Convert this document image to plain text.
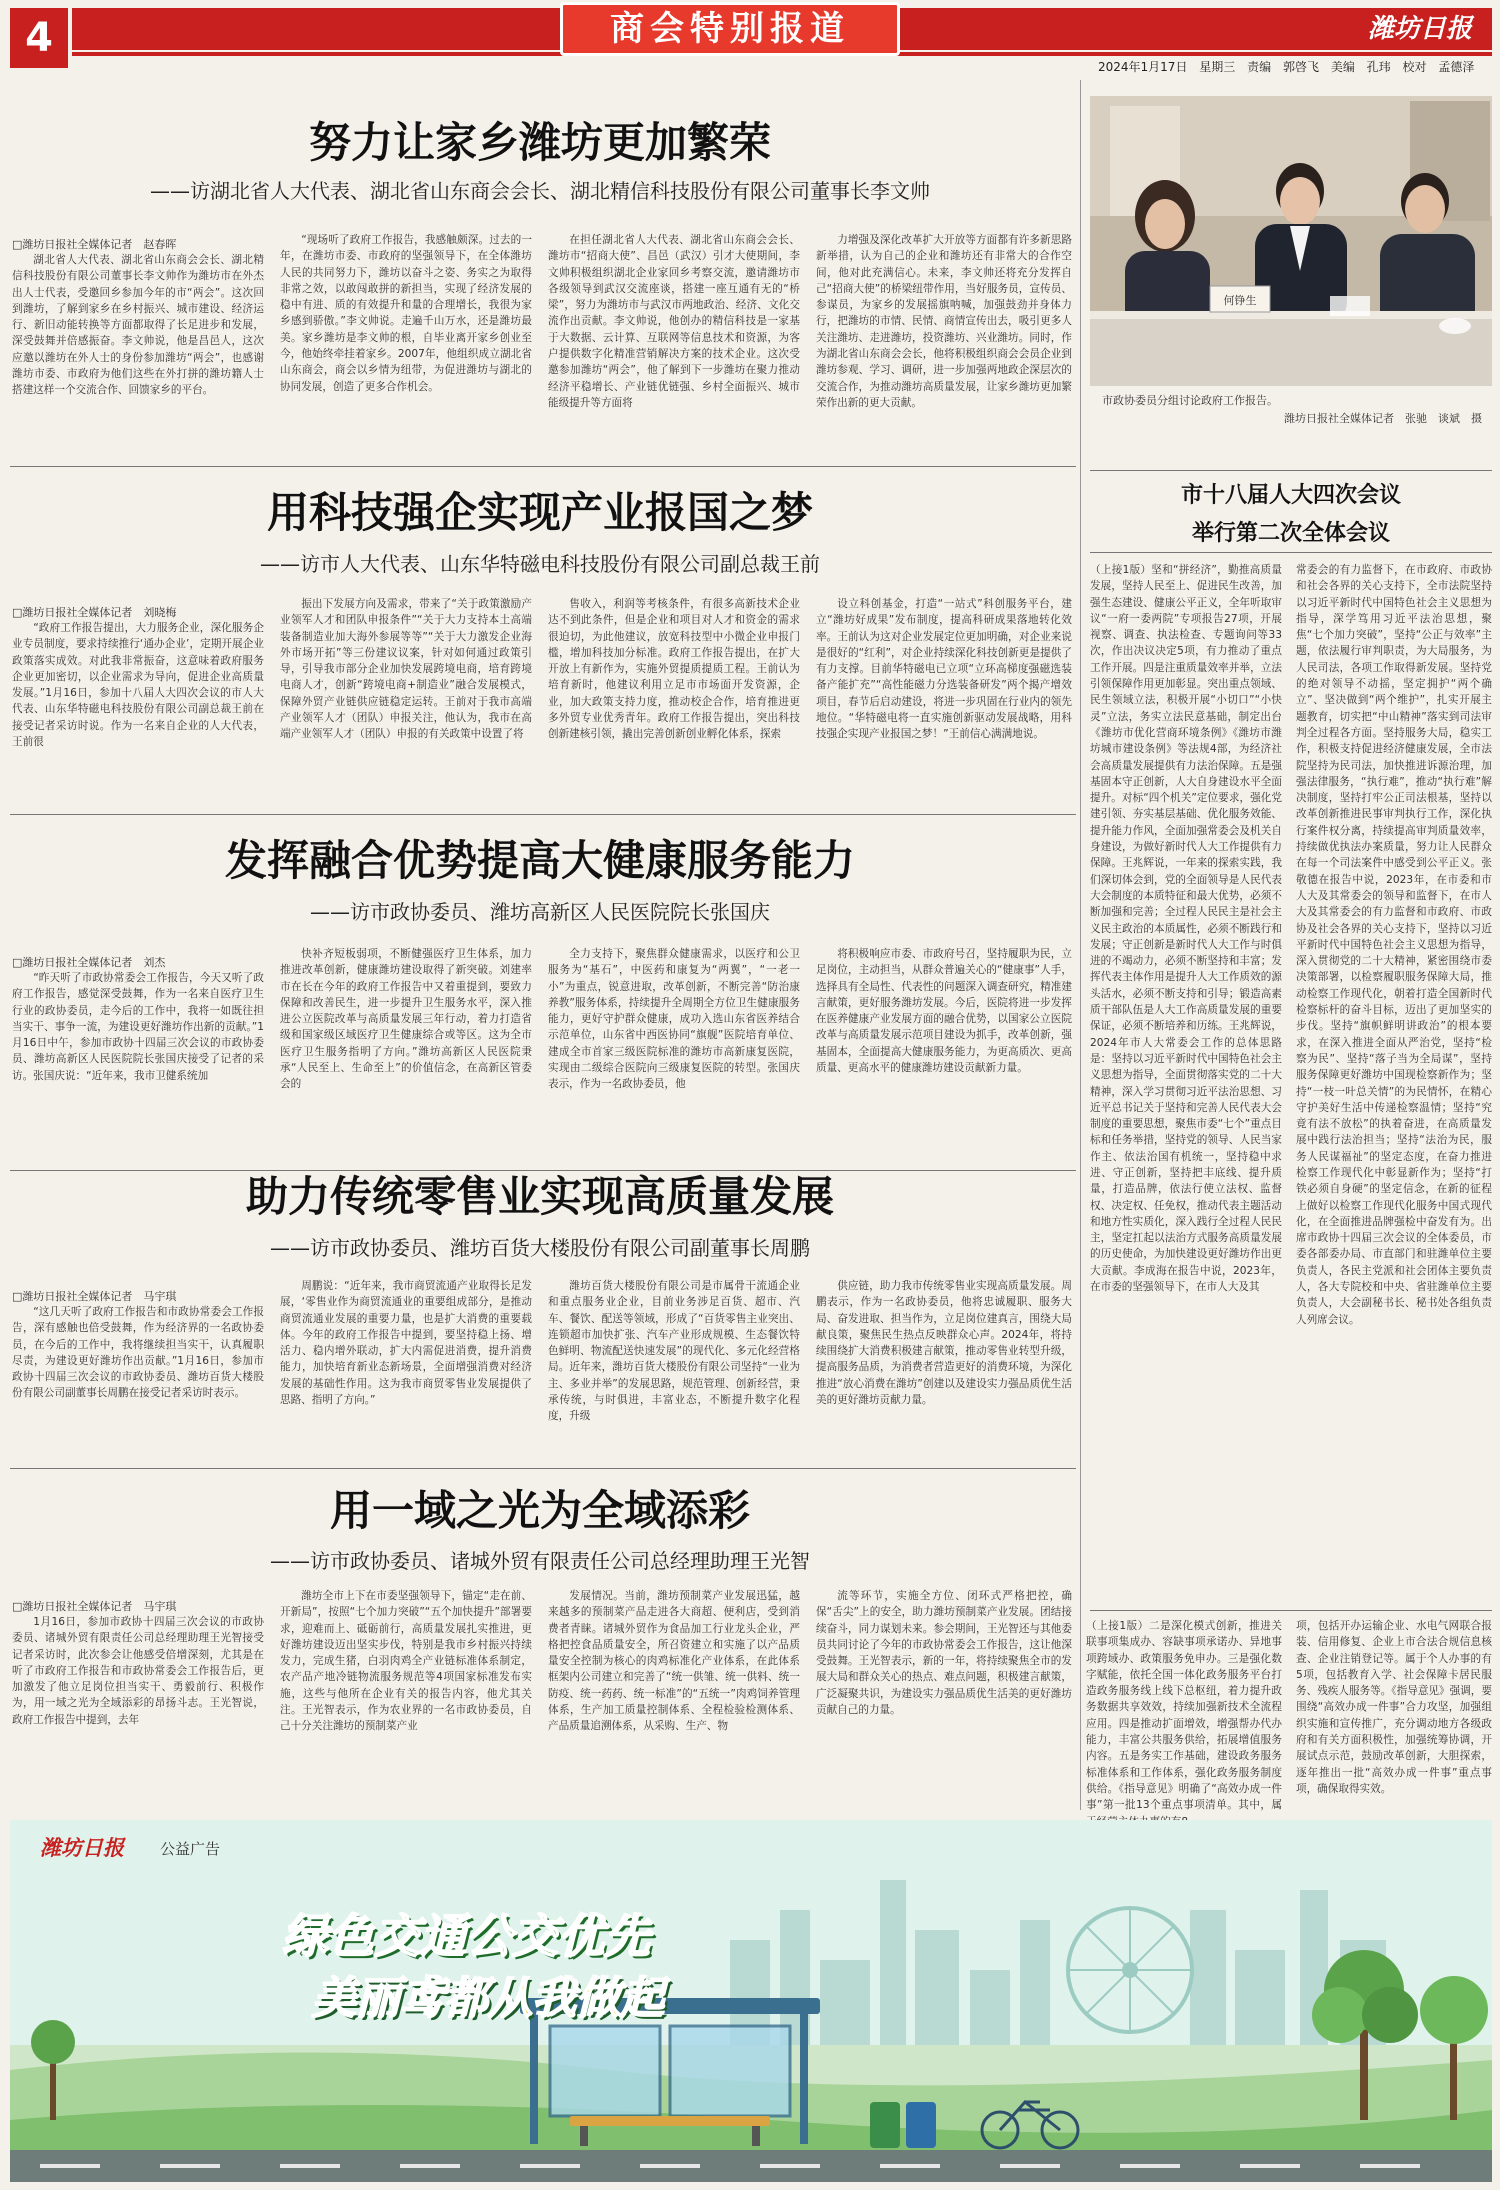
4	商会特别报道	潍坊日报
2024年1月17日 星期三 责编 郭啓飞 美编 孔玮 校对 孟德泽
努力让家乡潍坊更加繁荣
——访湖北省人大代表、湖北省山东商会会长、湖北精信科技股份有限公司董事长李文帅
□潍坊日报社全媒体记者　赵春晖
湖北省人大代表、湖北省山东商会会长、湖北精信科技股份有限公司董事长李文帅作为潍坊市在外杰出人士代表，受邀回乡参加今年的市“两会”。这次回到潍坊，了解到家乡在乡村振兴、城市建设、经济运行、新旧动能转换等方面都取得了长足进步和发展，深受鼓舞并倍感振奋。李文帅说，他是昌邑人，这次应邀以潍坊在外人士的身份参加潍坊“两会”，也感谢潍坊市委、市政府为他们这些在外打拼的潍坊籍人士搭建这样一个交流合作、回馈家乡的平台。
“现场听了政府工作报告，我感触颇深。过去的一年，在潍坊市委、市政府的坚强领导下，在全体潍坊人民的共同努力下，潍坊以奋斗之姿、务实之为取得非常之效，以敢闯敢拼的新担当，实现了经济发展的稳中有进、质的有效提升和量的合理增长，我很为家乡感到骄傲。”李文帅说。走遍千山万水，还是潍坊最美。家乡潍坊是李文帅的根，自毕业离开家乡创业至今，他始终牵挂着家乡。2007年，他组织成立湖北省山东商会，商会以乡情为纽带，为促进潍坊与湖北的协同发展，创造了更多合作机会。
在担任湖北省人大代表、湖北省山东商会会长、潍坊市“招商大使”、昌邑（武汉）引才大使期间，李文帅积极组织湖北企业家回乡考察交流，邀请潍坊市各级领导到武汉交流座谈，搭建一座互通有无的“桥梁”，努力为潍坊市与武汉市两地政治、经济、文化交流作出贡献。李文帅说，他创办的精信科技是一家基于大数据、云计算、互联网等信息技术和资源，为客户提供数字化精准营销解决方案的技术企业。这次受邀参加潍坊“两会”，他了解到下一步潍坊在聚力推动经济平稳增长、产业链优链强、乡村全面振兴、城市能级提升等方面将
力增强及深化改革扩大开放等方面都有许多新思路新举措，认为自己的企业和潍坊还有非常大的合作空间，他对此充满信心。未来，李文帅还将充分发挥自己“招商大使”的桥梁纽带作用，当好服务员，宣传员、参谋员，为家乡的发展摇旗呐喊，加强鼓劲并身体力行，把潍坊的市情、民情、商情宣传出去，吸引更多人关注潍坊、走进潍坊，投资潍坊、兴业潍坊。同时，作为湖北省山东商会会长，他将积极组织商会会员企业到潍坊参观、学习、调研，进一步加强两地政企深层次的交流合作，为推动潍坊高质量发展，让家乡潍坊更加繁荣作出新的更大贡献。
用科技强企实现产业报国之梦
——访市人大代表、山东华特磁电科技股份有限公司副总裁王前
□潍坊日报社全媒体记者　刘晓梅
“政府工作报告提出，大力服务企业，深化服务企业专员制度，要求持续推行‘通办企业’，定期开展企业政策落实成效。对此我非常振奋，这意味着政府服务企业更加密切，以企业需求为导向，促进企业高质量发展。”1月16日，参加十八届人大四次会议的市人大代表、山东华特磁电科技股份有限公司副总裁王前在接受记者采访时说。作为一名来自企业的人大代表，王前很
振出下发展方向及需求，带来了“关于政策激励产业领军人才和团队申报条件”“关于大力支持本土高端装备制造业加大海外参展等等”“关于大力激发企业海外市场开拓”等三份建议议案，针对如何通过政策引导，引导我市部分企业加快发展跨境电商，培育跨境电商人才，创新“跨境电商+制造业”融合发展模式，保障外贸产业链供应链稳定运转。王前对于我市高端产业领军人才（团队）申报关注，他认为，我市在高端产业领军人才（团队）申报的有关政策中设置了将
售收入，利润等考核条件，有很多高新技术企业达不到此条件，但是企业和项目对人才和资金的需求很迫切，为此他建议，放宽科技型中小微企业申报门槛，增加科技加分标准。政府工作报告提出，在扩大开放上有新作为，实施外贸提质提质工程。王前认为培育新时，他建议利用立足市市场面开发资源，企业，加大政策支持力度，推动校企合作，培育推进更多外贸专业优秀青年。政府工作报告提出，突出科技创新建核引领，撬出完善创新创业孵化体系，探索
设立科创基金，打造“一站式”科创服务平台，建立“潍坊好成果”发布制度，提高科研成果落地转化效率。王前认为这对企业发展定位更加明确，对企业来说是很好的“红利”，对企业持续深化科技创新更是提供了有力支撑。目前华特磁电已立项“立环高梯度强磁选装备产能扩充”“高性能磁力分选装备研发”两个揭产增效项目，春节后启动建设，将进一步巩固在行业内的领先地位。“华特磁电将一直实施创新驱动发展战略，用科技强企实现产业报国之梦！”王前信心满满地说。
发挥融合优势提高大健康服务能力
——访市政协委员、潍坊高新区人民医院院长张国庆
□潍坊日报社全媒体记者　刘杰
“昨天听了市政协常委会工作报告，今天又听了政府工作报告，感觉深受鼓舞，作为一名来自医疗卫生行业的政协委员，走今后的工作中，我将一如既往担当实干、事争一流，为建设更好潍坊作出新的贡献。”1月16日中午，参加市政协十四届三次会议的市政协委员、潍坊高新区人民医院院长张国庆接受了记者的采访。张国庆说：“近年来，我市卫健系统加
快补齐短板弱项，不断健强医疗卫生体系，加力推进改革创新，健康潍坊建设取得了新突破。刘建率市在长在今年的政府工作报告中又着重提到，要致力保障和改善民生，进一步提升卫生服务水平，深入推进公立医院改革与高质量发展三年行动，着力打造省级和国家级区域医疗卫生健康综合或等区。这为全市医疗卫生服务指明了方向。”潍坊高新区人民医院秉承“人民至上、生命至上”的价值信念，在高新区管委会的
全力支持下，聚焦群众健康需求，以医疗和公卫服务为“基石”，中医药和康复为“两翼”，“一老一小”为重点，锐意进取，改革创新，不断完善“防治康养教”服务体系，持续提升全周期全方位卫生健康服务能力，更好守护群众健康，成功入选山东省医养结合示范单位，山东省中西医协同“旗舰”医院培育单位、建成全市首家三级医院标准的潍坊市高新康复医院，实现由二级综合医院向三级康复医院的转型。张国庆表示，作为一名政协委员，他
将积极响应市委、市政府号召，坚持履职为民，立足岗位，主动担当，从群众普遍关心的“健康事”人手，选择具有全局性、代表性的问题深入调查研究，精准建言献策，更好服务潍坊发展。今后，医院将进一步发挥在医养健康产业发展方面的融合优势，以国家公立医院改革与高质量发展示范项目建设为抓手，改革创新，强基固本，全面提高大健康服务能力，为更高质次、更高质量、更高水平的健康潍坊建设贡献新力量。
助力传统零售业实现高质量发展
——访市政协委员、潍坊百货大楼股份有限公司副董事长周鹏
□潍坊日报社全媒体记者　马宇琪
“这几天听了政府工作报告和市政协常委会工作报告，深有感触也倍受鼓舞，作为经济界的一名政协委员，在今后的工作中，我将继续担当实干，认真履职尽责，为建设更好潍坊作出贡献。”1月16日，参加市政协十四届三次会议的市政协委员、潍坊百货大楼股份有限公司副董事长周鹏在接受记者采访时表示。
周鹏说：“近年来，我市商贸流通产业取得长足发展，‘零售业作为商贸流通业的重要组成部分，是推动商贸流通业发展的重要力量，也是扩大消费的重要载体。今年的政府工作报告中提到，要坚持稳上扬、增活力、稳内增外联动，扩大内需促进消费，提升消费能力，加快培育新业态新场景，全面增强消费对经济发展的基础性作用。这为我市商贸零售业发展提供了思路、指明了方向。”
潍坊百货大楼股份有限公司是市属骨干流通企业和重点服务业企业，目前业务涉足百货、超市、汽车、餐饮、配送等领域，形成了“百货零售主业突出、连锁超市加快扩张、汽车产业形成规模、生态餐饮特色鲜明、物流配送快速发展”的现代化、多元化经营格局。近年来，潍坊百货大楼股份有限公司坚持“一业为主、多业并举”的发展思路，规范管理、创新经营，秉承传统，与时俱进，丰富业态，不断提升数字化程度，升级
供应链，助力我市传统零售业实现高质量发展。周鹏表示，作为一名政协委员，他将忠诚履职、服务大局、奋发进取、担当作为，立足岗位建真言，围绕大局献良策，聚焦民生热点反映群众心声。2024年，将持续围绕扩大消费积极建言献策，推动零售业转型升级，提高服务品质，为消费者营造更好的消费环境，为深化推进“放心消费在潍坊”创建以及建设实力强品质优生活美的更好潍坊贡献力量。
用一域之光为全域添彩
——访市政协委员、诸城外贸有限责任公司总经理助理王光智
□潍坊日报社全媒体记者　马宇琪
1月16日，参加市政协十四届三次会议的市政协委员、诸城外贸有限责任公司总经理助理王光智接受记者采访时，此次参会让他感受倍增深刻，尤其是在听了市政府工作报告和市政协常委会工作报告后，更加激发了他立足岗位担当实干、勇毅前行、积极作为，用一域之光为全域添彩的昂扬斗志。王光智说，政府工作报告中提到，去年
潍坊全市上下在市委坚强领导下，锚定“走在前、开新局”，按照“七个加力突破”“五个加快提升”部署要求，迎难而上、砥砺前行，高质量发展扎实推进，更好潍坊建设迈出坚实步伐，特别是我市乡村振兴持续发力，完成生猪，白羽肉鸡全产业链标准体系制定，农产品产地冷链物流服务规范等4项国家标准发布实施，这些与他所在企业有关的报告内容，他尤其关注。王光智表示，作为农业界的一名市政协委员，自己十分关注潍坊的预制菜产业
发展情况。当前，潍坊预制菜产业发展迅猛，越来越多的预制菜产品走进各大商超、便利店，受到消费者青睐。诸城外贸作为食品加工行业龙头企业，严格把控食品质量安全，所召资建立和实施了以产品质量安全控制为核心的肉鸡标准化产业体系，在此体系框架内公司建立和完善了“统一供雏、统一供料、统一防疫、统一药药、统一标准”的“五统一”肉鸡饲养管理体系，生产加工质量控制体系、全程检验检测体系、产品质量追溯体系，从采购、生产、物
流等环节，实施全方位、闭环式严格把控，确保“舌尖”上的安全，助力潍坊预制菜产业发展。团结接续奋斗，同力谋划未来。参会期间，王光智还与其他委员共同讨论了今年的市政协常委会工作报告，这让他深受鼓舞。王光智表示，新的一年，将持续聚焦全市的发展大局和群众关心的热点、难点问题，积极建言献策，广泛凝聚共识，为建设实力强品质优生活美的更好潍坊贡献自己的力量。
何铮生
市政协委员分组讨论政府工作报告。
潍坊日报社全媒体记者　张驰　谈斌　摄
市十八届人大四次会议
举行第二次全体会议
（上接1版）坚和“拼经济”，勤推高质量发展，坚持人民至上、促进民生改善，加强生态建设、健康公平正义，全年听取审议“一府一委两院”专项报告27项，开展视察、调查、执法检查、专题询问等33次，作出决议决定5项，有力推动了重点工作开展。四是注重质量效率并举，立法引领保障作用更加彰显。突出重点领域、民生领域立法，积极开展“小切口”“小快灵”立法，务实立法民意基础，制定出台《潍坊市优化营商环境条例》《潍坊市潍坊城市建设条例》等法规4部，为经济社会高质量发展提供有力法治保障。五是强基固本守正创新，人大自身建设水平全面提升。对标“四个机关”定位要求，强化党建引领、夯实基层基础、优化服务效能、提升能力作风，全面加强常委会及机关自身建设，为做好新时代人大工作提供有力保障。王兆辉说，一年来的探索实践，我们深切体会到，党的全面领导是人民代表大会制度的本质特征和最大优势，必须不断加强和完善；全过程人民民主是社会主义民主政治的本质属性，必须不断践行和发展；守正创新是新时代人大工作与时俱进的不竭动力，必须不断坚持和丰富；发挥代表主体作用是提升人大工作质效的源头活水，必须不断支持和引导；锻造高素质干部队伍是人大工作高质量发展的重要保证，必须不断培养和历练。王兆辉说，2024年市人大常委会工作的总体思路是：坚持以习近平新时代中国特色社会主义思想为指导，全面贯彻落实党的二十大精神，深入学习贯彻习近平法治思想、习近平总书记关于坚持和完善人民代表大会制度的重要思想，聚焦市委“七个”重点目标和任务举措，坚持党的领导、人民当家作主、依法治国有机统一，坚持稳中求进、守正创新，坚持把丰底线、提升质量，打造品牌，依法行使立法权、监督权、决定权、任免权，推动代表主题活动和地方性实质化，深入践行全过程人民民主，坚定扛起以法治方式服务高质量发展的历史使命，为加快建设更好潍坊作出更大贡献。李成海在报告中说，2023年，在市委的坚强领导下，在市人大及其
常委会的有力监督下，在市政府、市政协和社会各界的关心支持下，全市法院坚持以习近平新时代中国特色社会主义思想为指导，深学笃用习近平法治思想，聚焦“七个加力突破”，坚持“公正与效率”主题，依法履行审判职责，为大局服务，为人民司法，各项工作取得新发展。坚持党的绝对领导不动摇，坚定拥护“两个确立”、坚决做到“两个维护”，扎实开展主题教育，切实把“中山精神”落实到司法审判全过程各方面。坚持服务大局，稳实工作，积极支持促进经济健康发展，全市法院坚持为民司法，加快推进诉源治理，加强法律服务，“执行难”，推动“执行难”解决制度，坚持打牢公正司法根基，坚持以改革创新推进民事审判执行工作，深化执行案件权分离，持续提高审判质量效率，持续做优执法办案质量，努力让人民群众在每一个司法案件中感受到公平正义。张敬德在报告中说，2023年，在市委和市人大及其常委会的领导和监督下，在市人大及其常委会的有力监督和市政府、市政协及社会各界的关心支持下，坚持以习近平新时代中国特色社会主义思想为指导，深入贯彻党的二十大精神，紧密围绕市委决策部署，以检察履职服务保障大局，推动检察工作现代化，朝着打造全国新时代检察标杆的奋斗目标，迈出了更加坚实的步伐。坚持“旗帜鲜明讲政治”的根本要求，在深入推进全面从严治党，坚持“检察为民”、坚持“落子当为全局谋”，坚持服务保障更好潍坊中国现检察新作为；坚持“一枝一叶总关情”的为民情怀，在精心守护美好生活中传递检察温情；坚持“究竟有法不放松”的执着奋进，在高质量发展中践行法治担当；坚持“法治为民，服务人民谋福祉”的坚定态度，在奋力推进检察工作现代化中彰显新作为；坚持“打铁必须自身硬”的坚定信念，在新的征程上做好以检察工作现代化服务中国式现代化，在全面推进品牌强检中奋发有为。出席市政协十四届三次会议的全体委员，市委各部委办局、市直部门和驻潍单位主要负责人，各民主党派和社会团体主要负责人，各大专院校和中央、省驻潍单位主要负责人，大会副秘书长、秘书处各组负责人列席会议。
（上接1版）二是深化模式创新，推进关联事项集成办、容缺事项承诺办、异地事项跨域办、政策服务免申办。三是强化数字赋能，依托全国一体化政务服务平台打造政务服务线上线下总枢纽，着力提升政务数据共享效效，持续加强新技术全流程应用。四是推动扩面增效，增强帮办代办能力，丰富公共服务供给，拓展增值服务内容。五是务实工作基础，建设政务服务标准体系和工作体系，强化政务服务制度供给。《指导意见》明确了“高效办成一件事”第一批13个重点事项清单。其中，属
项，包括开办运输企业、水电气网联合报装、信用修复、企业上市合法合规信息核查、企业注销登记等。属于个人办事的有5项，包括教育入学、社会保障卡居民服务、残疾人服务等。《指导意见》强调，要围绕“高效办成一件事”合力攻坚，加强组织实施和宣传推广，充分调动地方各级政府和有关方面积极性，加强统筹协调，开展试点示范，鼓励改革创新，大胆探索，逐年推出一批“高效办成一件事”重点事项，确保取得实效。
潍坊日报	公益广告
绿色交通公交优先
美丽鸢都从我做起
